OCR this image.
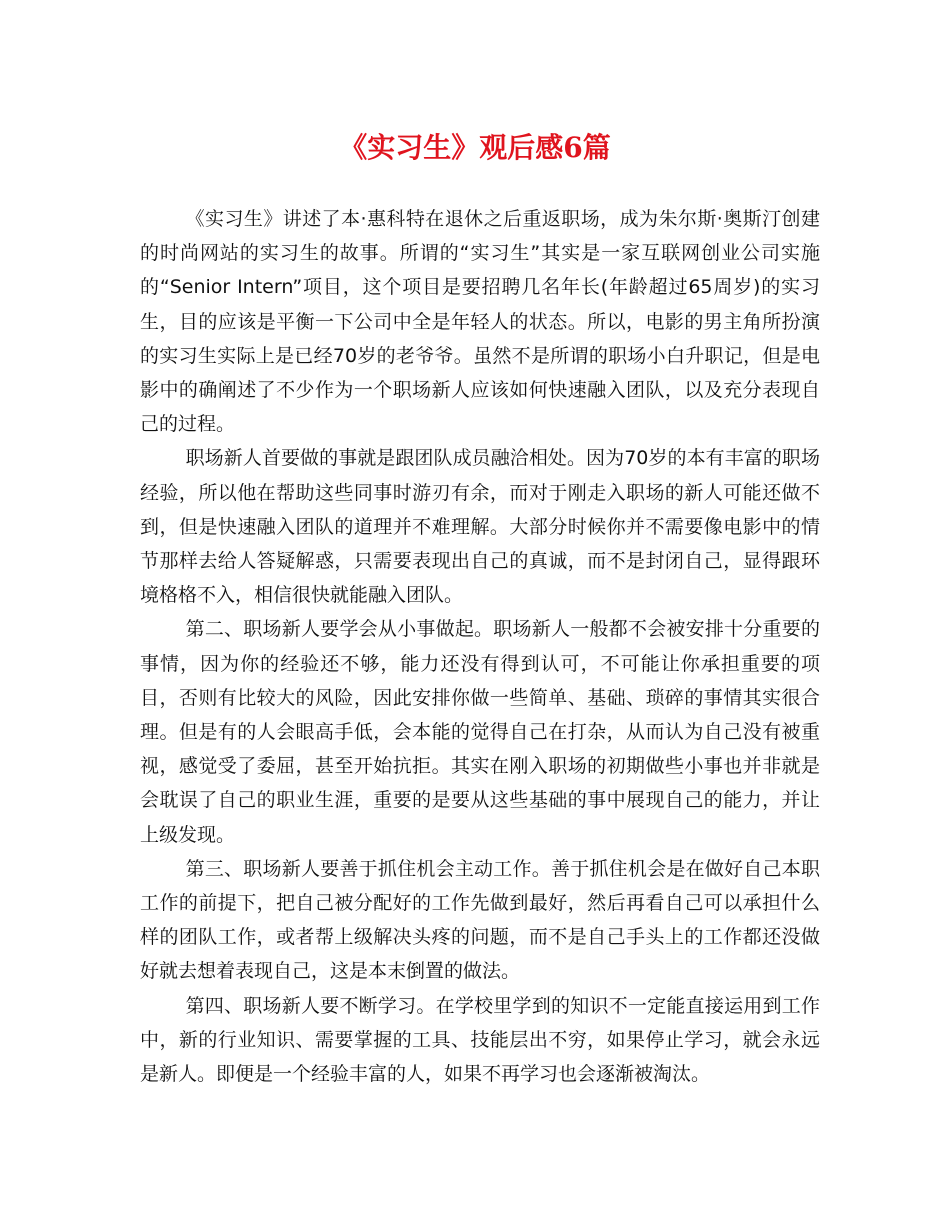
《实习生》观后感6篇

《实习生》讲述了本·惠科特在退休之后重返职场，成为朱尔斯·奥斯汀创建的时尚网站的实习生的故事。所谓的“实习生”其实是一家互联网创业公司实施的“Senior Intern”项目，这个项目是要招聘几名年长(年龄超过65周岁)的实习生，目的应该是平衡一下公司中全是年轻人的状态。所以，电影的男主角所扮演的实习生实际上是已经70岁的老爷爷。虽然不是所谓的职场小白升职记，但是电影中的确阐述了不少作为一个职场新人应该如何快速融入团队，以及充分表现自己的过程。

职场新人首要做的事就是跟团队成员融洽相处。因为70岁的本有丰富的职场经验，所以他在帮助这些同事时游刃有余，而对于刚走入职场的新人可能还做不到，但是快速融入团队的道理并不难理解。大部分时候你并不需要像电影中的情节那样去给人答疑解惑，只需要表现出自己的真诚，而不是封闭自己，显得跟环境格格不入，相信很快就能融入团队。

第二、职场新人要学会从小事做起。职场新人一般都不会被安排十分重要的事情，因为你的经验还不够，能力还没有得到认可，不可能让你承担重要的项目，否则有比较大的风险，因此安排你做一些简单、基础、琐碎的事情其实很合理。但是有的人会眼高手低，会本能的觉得自己在打杂，从而认为自己没有被重视，感觉受了委屈，甚至开始抗拒。其实在刚入职场的初期做些小事也并非就是会耽误了自己的职业生涯，重要的是要从这些基础的事中展现自己的能力，并让上级发现。

第三、职场新人要善于抓住机会主动工作。善于抓住机会是在做好自己本职工作的前提下，把自己被分配好的工作先做到最好，然后再看自己可以承担什么样的团队工作，或者帮上级解决头疼的问题，而不是自己手头上的工作都还没做好就去想着表现自己，这是本末倒置的做法。

第四、职场新人要不断学习。在学校里学到的知识不一定能直接运用到工作中，新的行业知识、需要掌握的工具、技能层出不穷，如果停止学习，就会永远是新人。即便是一个经验丰富的人，如果不再学习也会逐渐被淘汰。
